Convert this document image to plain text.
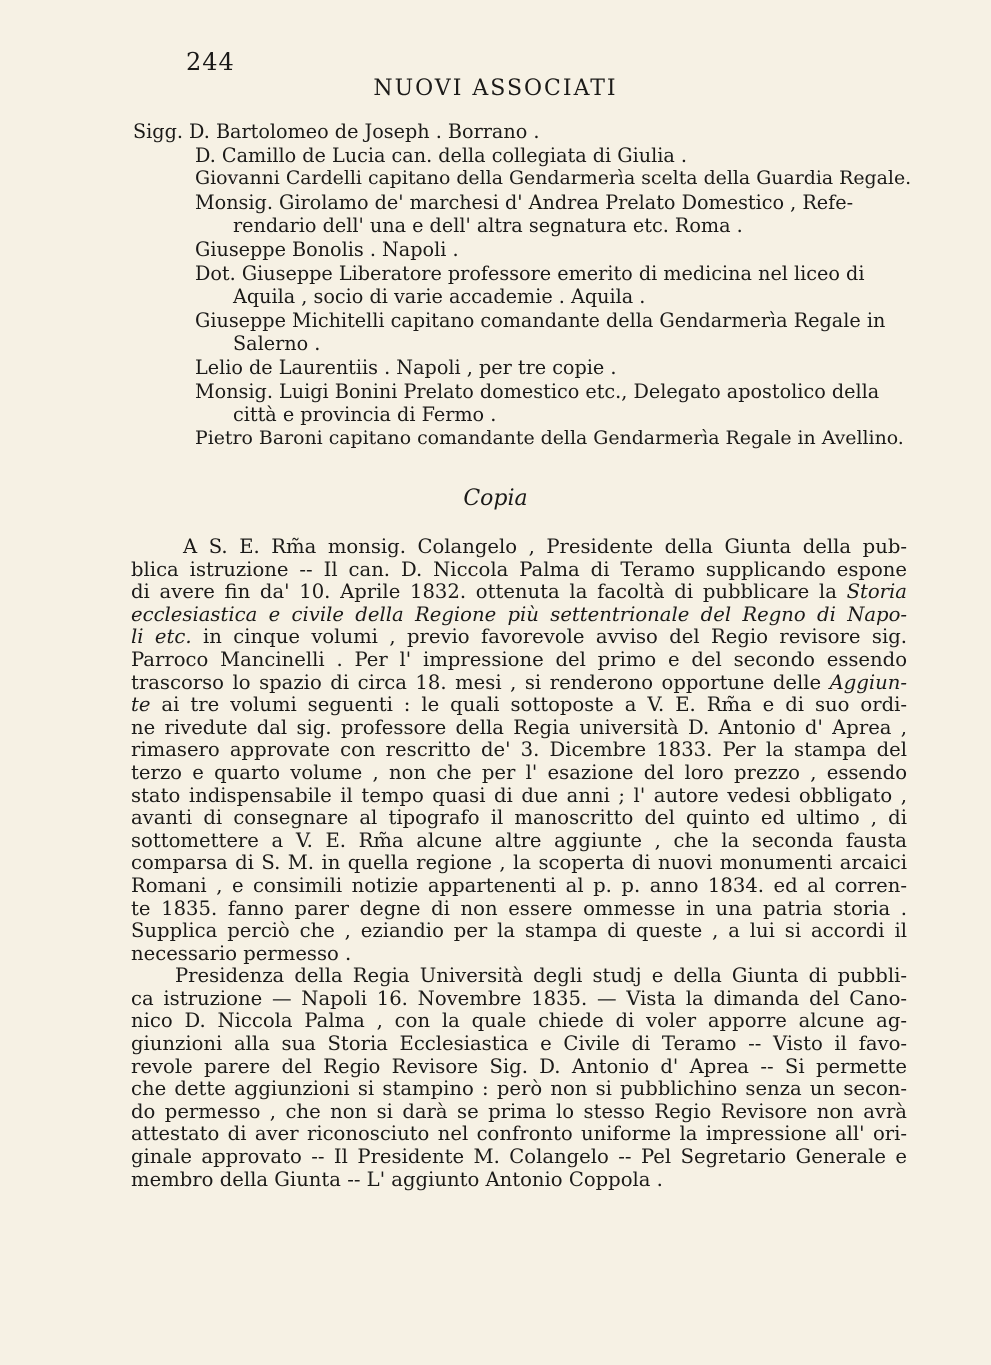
244
NUOVI ASSOCIATI
Sigg. D. Bartolomeo de Joseph . Borrano .
D. Camillo de Lucia can. della collegiata di Giulia .
Giovanni Cardelli capitano della Gendarmerìa scelta della Guardia Regale.
Monsig. Girolamo de' marchesi d' Andrea Prelato Domestico , Refe-
rendario dell' una e dell' altra segnatura etc. Roma .
Giuseppe Bonolis . Napoli .
Dot. Giuseppe Liberatore professore emerito di medicina nel liceo di
Aquila , socio di varie accademie . Aquila .
Giuseppe Michitelli capitano comandante della Gendarmerìa Regale in
Salerno .
Lelio de Laurentiis . Napoli , per tre copie .
Monsig. Luigi Bonini Prelato domestico etc., Delegato apostolico della
città e provincia di Fermo .
Pietro Baroni capitano comandante della Gendarmerìa Regale in Avellino.
Copia
A S. E. Rm̃a monsig. Colangelo , Presidente della Giunta della pub-
blica istruzione -- Il can. D. Niccola Palma di Teramo supplicando espone
di avere fin da' 10. Aprile 1832. ottenuta la facoltà di pubblicare la Storia
ecclesiastica e civile della Regione più settentrionale del Regno di Napo-
li etc. in cinque volumi , previo favorevole avviso del Regio revisore sig.
Parroco Mancinelli . Per l' impressione del primo e del secondo essendo
trascorso lo spazio di circa 18. mesi , si renderono opportune delle Aggiun-
te ai tre volumi seguenti : le quali sottoposte a V. E. Rm̃a e di suo ordi-
ne rivedute dal sig. professore della Regia università D. Antonio d' Aprea ,
rimasero approvate con rescritto de' 3. Dicembre 1833. Per la stampa del
terzo e quarto volume , non che per l' esazione del loro prezzo , essendo
stato indispensabile il tempo quasi di due anni ; l' autore vedesi obbligato ,
avanti di consegnare al tipografo il manoscritto del quinto ed ultimo , di
sottomettere a V. E. Rm̃a alcune altre aggiunte , che la seconda fausta
comparsa di S. M. in quella regione , la scoperta di nuovi monumenti arcaici
Romani , e consimili notizie appartenenti al p. p. anno 1834. ed al corren-
te 1835. fanno parer degne di non essere ommesse in una patria storia .
Supplica perciò che , eziandio per la stampa di queste , a lui si accordi il
necessario permesso .
Presidenza della Regia Università degli studj e della Giunta di pubbli-
ca istruzione — Napoli 16. Novembre 1835. — Vista la dimanda del Cano-
nico D. Niccola Palma , con la quale chiede di voler apporre alcune ag-
giunzioni alla sua Storia Ecclesiastica e Civile di Teramo -- Visto il favo-
revole parere del Regio Revisore Sig. D. Antonio d' Aprea -- Si permette
che dette aggiunzioni si stampino : però non si pubblichino senza un secon-
do permesso , che non si darà se prima lo stesso Regio Revisore non avrà
attestato di aver riconosciuto nel confronto uniforme la impressione all' ori-
ginale approvato -- Il Presidente M. Colangelo -- Pel Segretario Generale e
membro della Giunta -- L' aggiunto Antonio Coppola .
